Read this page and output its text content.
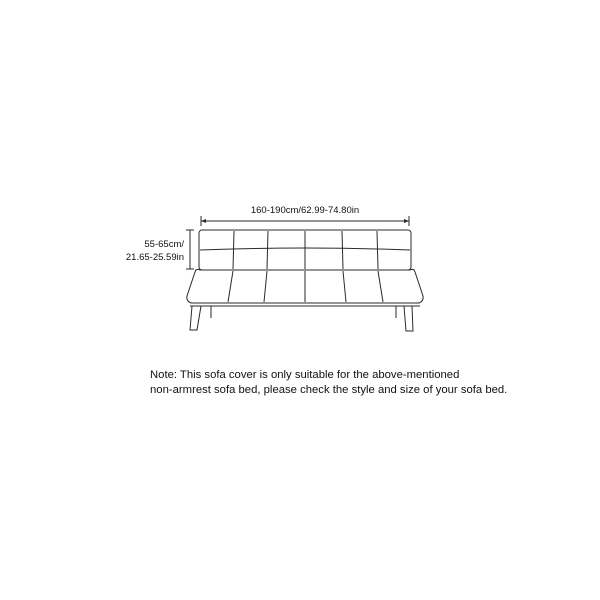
160-190cm/62.99-74.80in
55-65cm/
21.65-25.59in
Note: This sofa cover is only suitable for the above-mentioned
non-armrest sofa bed, please check the style and size of your sofa bed.
